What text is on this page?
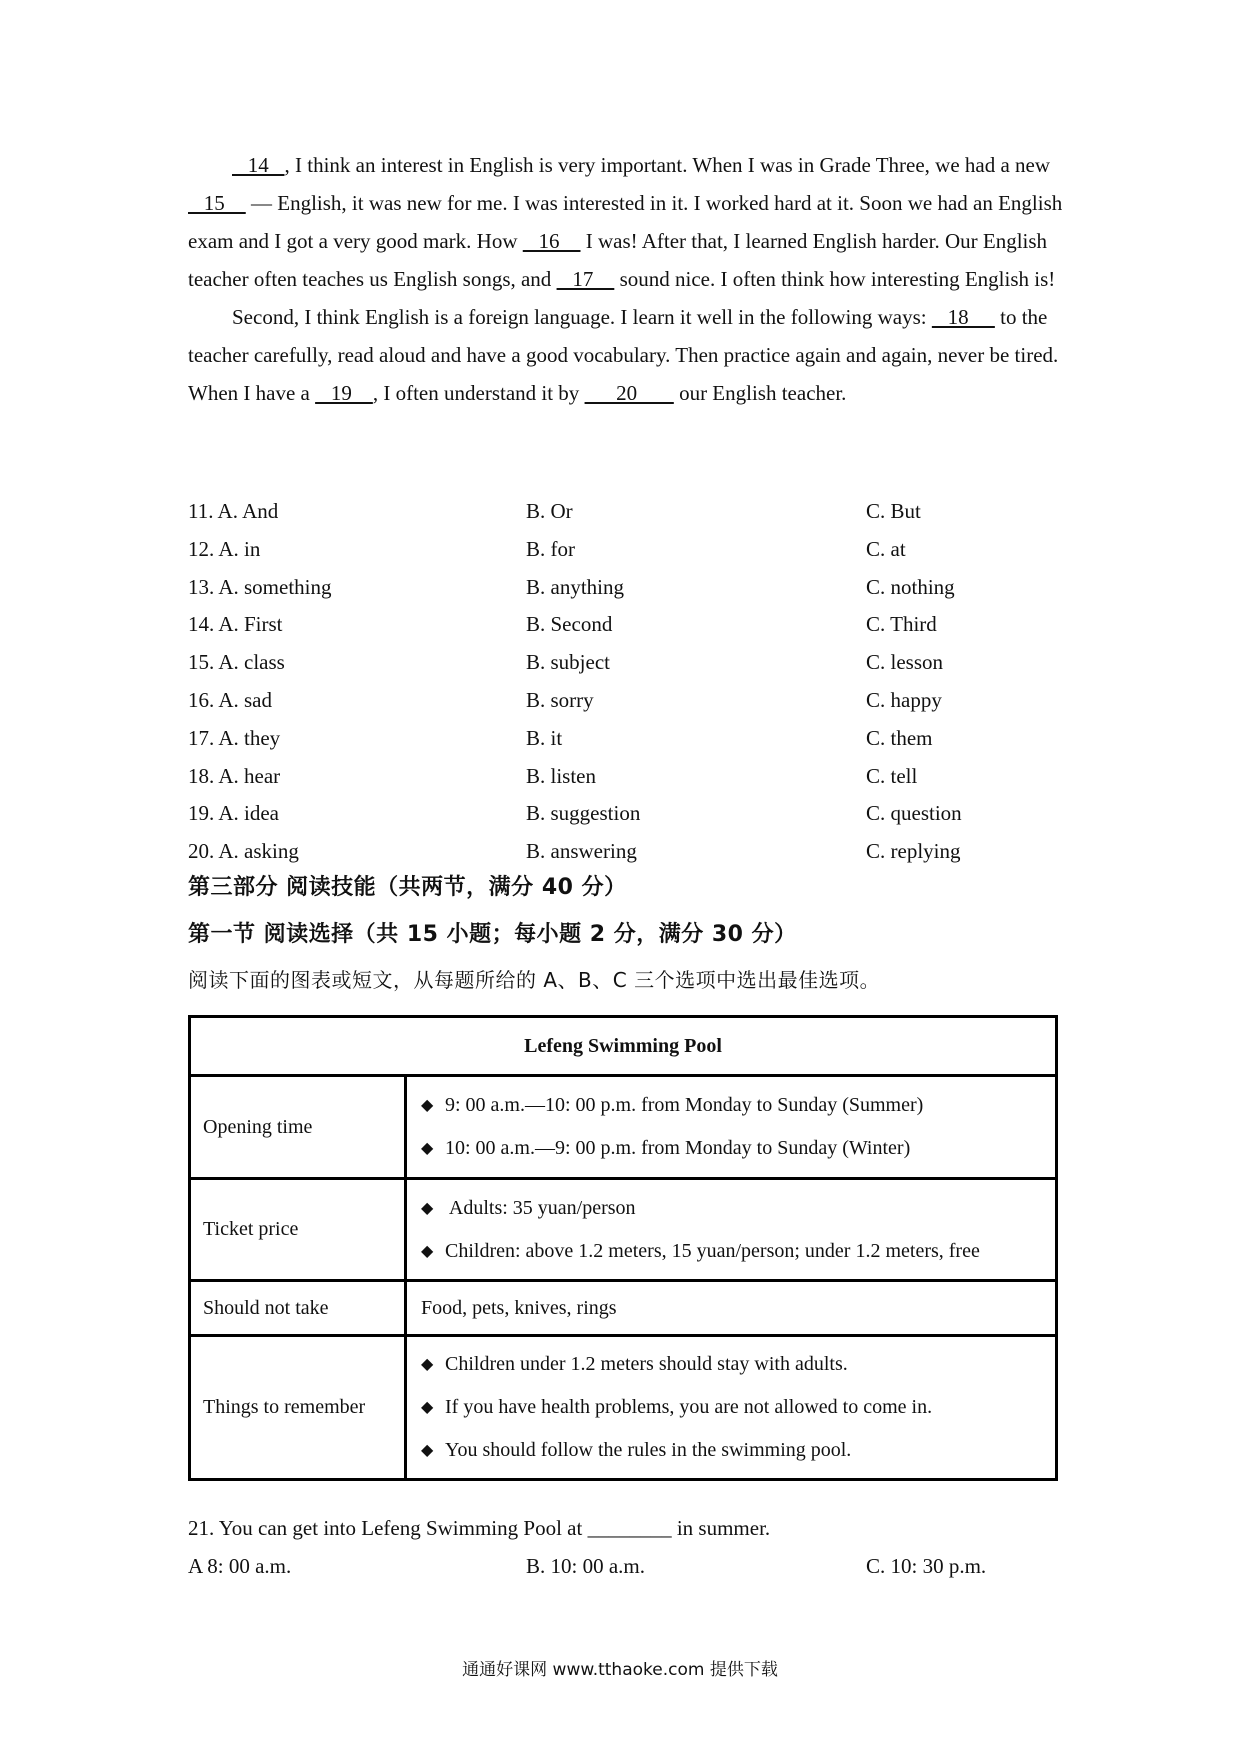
14   , I think an interest in English is very important. When I was in Grade Three, we had a new    15     — English, it was new for me. I was interested in it. I worked hard at it. Soon we had an English exam and I got a very good mark. How    16     I was! After that, I learned English harder. Our English teacher often teaches us English songs, and    17     sound nice. I often think how interesting English is!

Second, I think English is a foreign language. I learn it well in the following ways:    18      to the teacher carefully, read aloud and have a good vocabulary. Then practice again and again, never be tired. When I have a    19    , I often understand it by       20        our English teacher.

11. A. And	B. Or	C. But
12. A. in	B. for	C. at
13. A. something	B. anything	C. nothing
14. A. First	B. Second	C. Third
15. A. class	B. subject	C. lesson
16. A. sad	B. sorry	C. happy
17. A. they	B. it	C. them
18. A. hear	B. listen	C. tell
19. A. idea	B. suggestion	C. question
20. A. asking	B. answering	C. replying
第三部分 阅读技能（共两节，满分 40 分）
第一节 阅读选择（共 15 小题；每小题 2 分，满分 30 分）
阅读下面的图表或短文，从每题所给的 A、B、C 三个选项中选出最佳选项。
Lefeng Swimming Pool	
Opening time	◆ 9: 00 a.m.—10: 00 p.m. from Monday to Sunday (Summer)
◆ 10: 00 a.m.—9: 00 p.m. from Monday to Sunday (Winter)

Ticket price	◆ Adults: 35 yuan/person
◆ Children: above 1.2 meters, 15 yuan/person; under 1.2 meters, free

Should not take	Food, pets, knives, rings
Things to remember	◆ Children under 1.2 meters should stay with adults.
◆ If you have health problems, you are not allowed to come in.
◆ You should follow the rules in the swimming pool.
21. You can get into Lefeng Swimming Pool at ________ in summer.
A 8: 00 a.m.	B. 10: 00 a.m.	C. 10: 30 p.m.
通通好课网 www.tthaoke.com 提供下载
